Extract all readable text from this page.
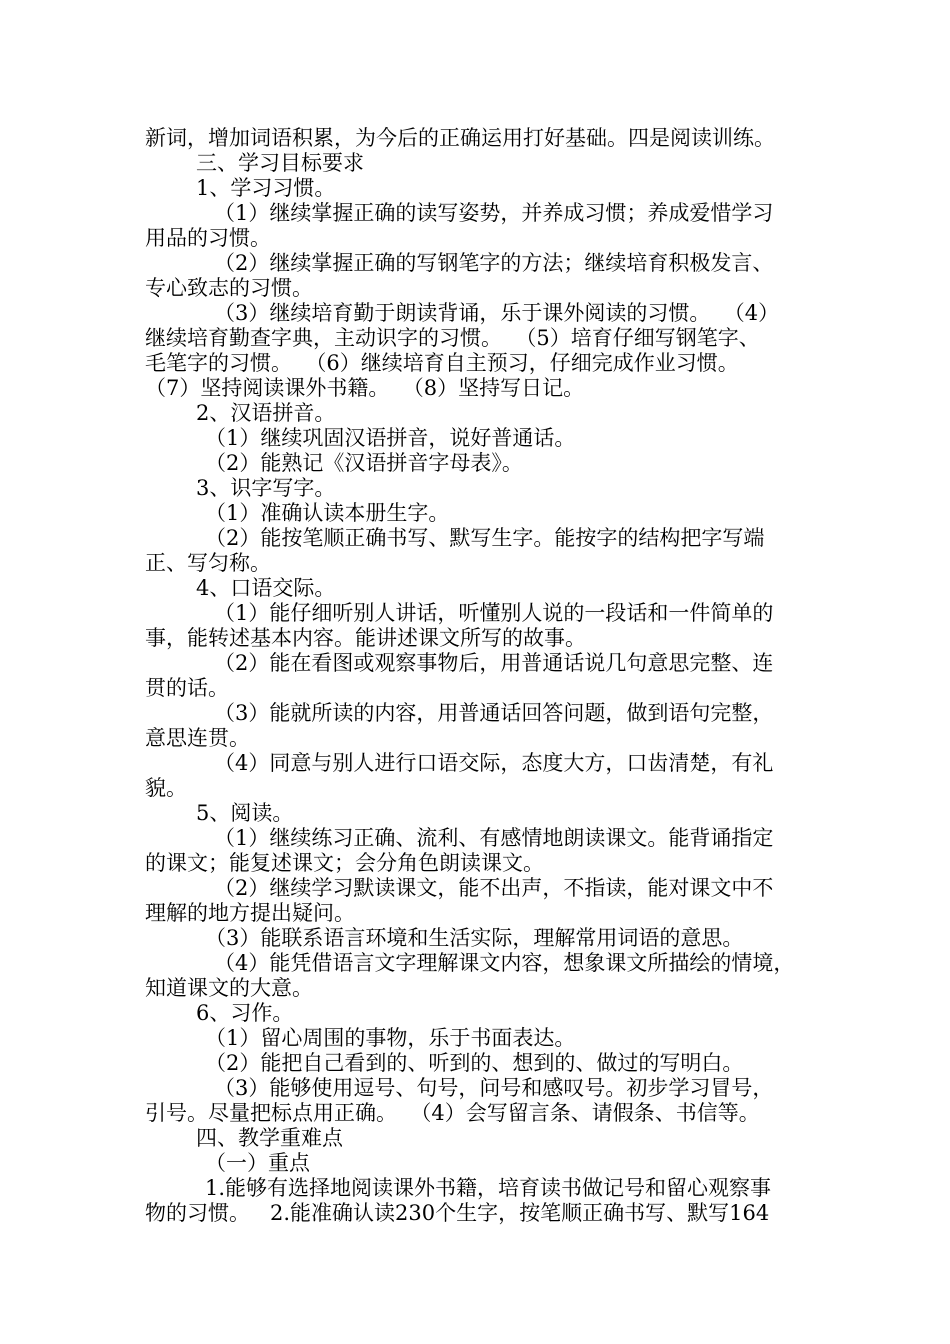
新词，增加词语积累，为今后的正确运用打好基础。四是阅读训练。
三、学习目标要求
1、学习习惯。
（1）继续掌握正确的读写姿势，并养成习惯；养成爱惜学习
用品的习惯。
（2）继续掌握正确的写钢笔字的方法；继续培育积极发言、
专心致志的习惯。
（3）继续培育勤于朗读背诵，乐于课外阅读的习惯。  （4）
继续培育勤查字典，主动识字的习惯。  （5）培育仔细写钢笔字、
毛笔字的习惯。  （6）继续培育自主预习，仔细完成作业习惯。
（7）坚持阅读课外书籍。  （8）坚持写日记。
2、汉语拼音。
（1）继续巩固汉语拼音，说好普通话。
（2）能熟记《汉语拼音字母表》。
3、识字写字。
（1）准确认读本册生字。
（2）能按笔顺正确书写、默写生字。能按字的结构把字写端
正、写匀称。
4、口语交际。
（1）能仔细听别人讲话，听懂别人说的一段话和一件简单的
事，能转述基本内容。能讲述课文所写的故事。
（2）能在看图或观察事物后，用普通话说几句意思完整、连
贯的话。
（3）能就所读的内容，用普通话回答问题，做到语句完整，
意思连贯。
（4）同意与别人进行口语交际，态度大方，口齿清楚，有礼
貌。
5、阅读。
（1）继续练习正确、流利、有感情地朗读课文。能背诵指定
的课文；能复述课文；会分角色朗读课文。
（2）继续学习默读课文，能不出声，不指读，能对课文中不
理解的地方提出疑问。
（3）能联系语言环境和生活实际，理解常用词语的意思。
（4）能凭借语言文字理解课文内容，想象课文所描绘的情境，
知道课文的大意。
6、习作。
（1）留心周围的事物，乐于书面表达。
（2）能把自己看到的、听到的、想到的、做过的写明白。
（3）能够使用逗号、句号，问号和感叹号。初步学习冒号，
引号。尽量把标点用正确。  （4）会写留言条、请假条、书信等。
四、教学重难点
（一）重点
1.能够有选择地阅读课外书籍，培育读书做记号和留心观察事
物的习惯。   2.能准确认读230个生字，按笔顺正确书写、默写164
